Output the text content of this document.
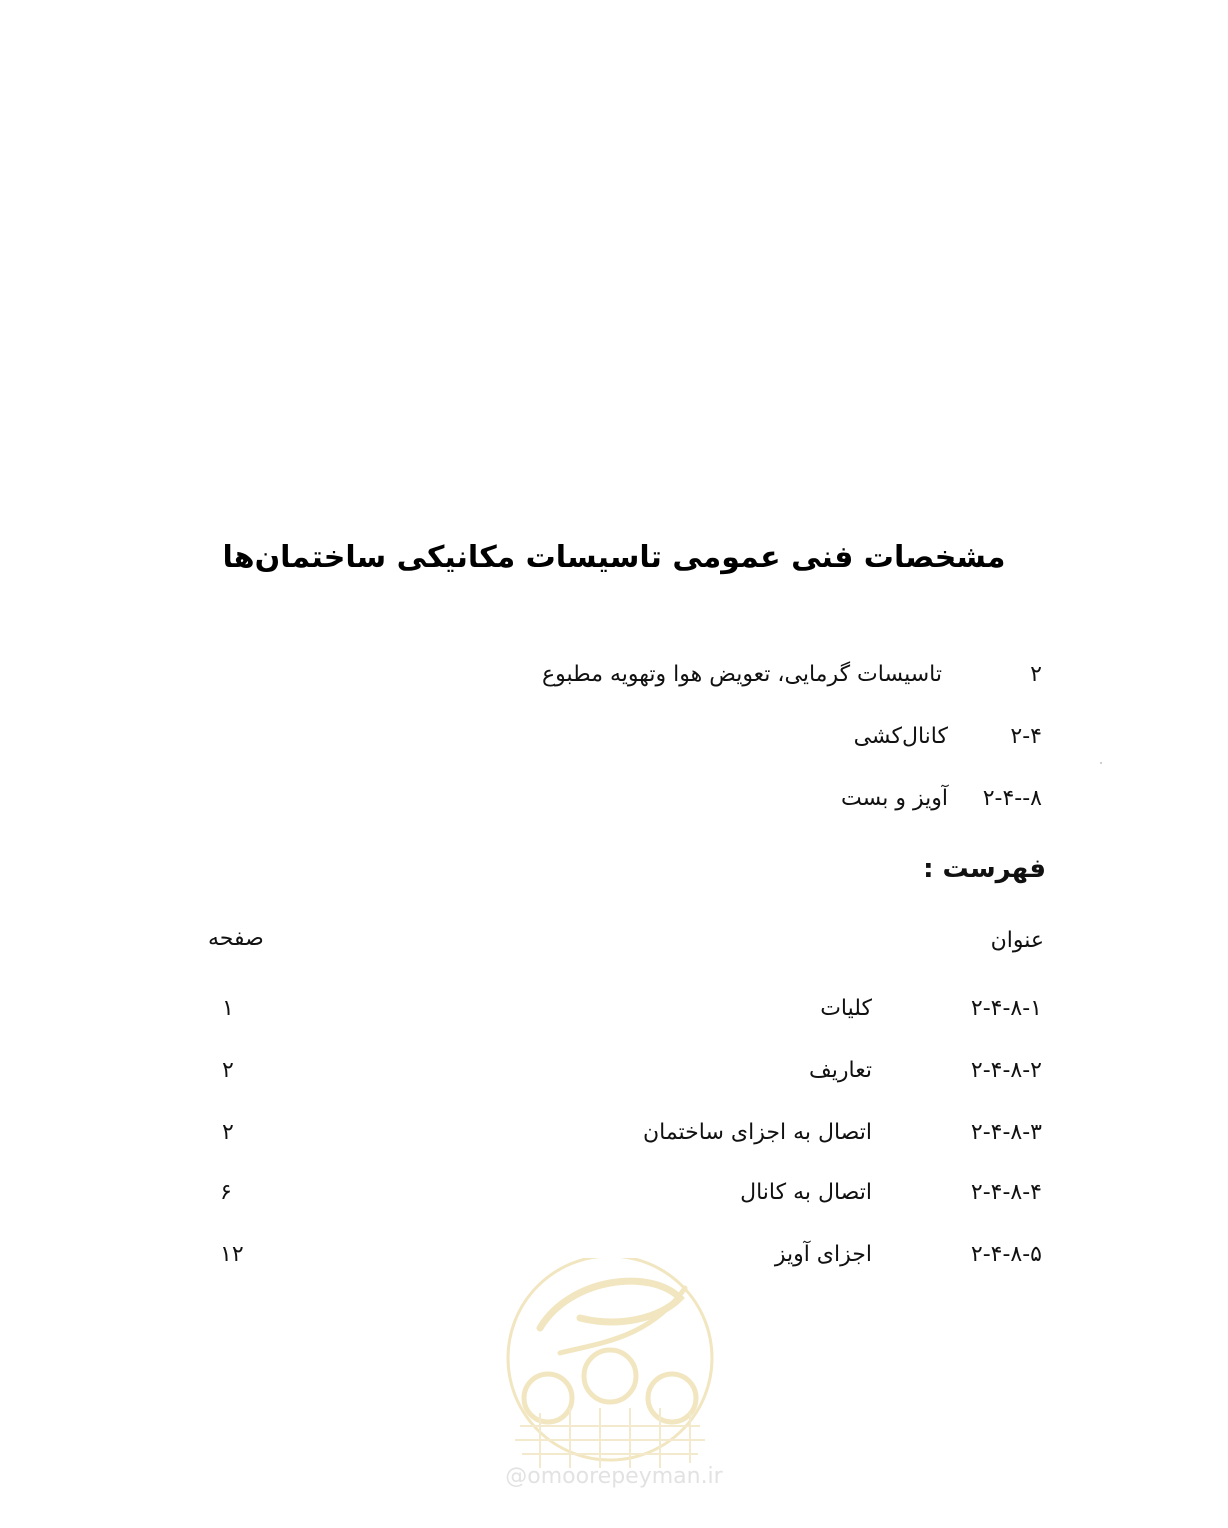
مشخصات فنی عمومی تاسیسات مکانیکی ساختمان‌ها
۲
تاسیسات گرمایی، تعویض هوا وتهویه مطبوع
۲-۴
کانال‌کشی
۲-۴--۸
آویز و بست
فهرست :
عنوان
صفحه
۲-۴-۸-۱
کلیات
۱
۲-۴-۸-۲
تعاریف
۲
۲-۴-۸-۳
اتصال به اجزای ساختمان
۲
۲-۴-۸-۴
اتصال به کانال
۶
۲-۴-۸-۵
اجزای آویز
۱۲
@omoorepeyman.ir
